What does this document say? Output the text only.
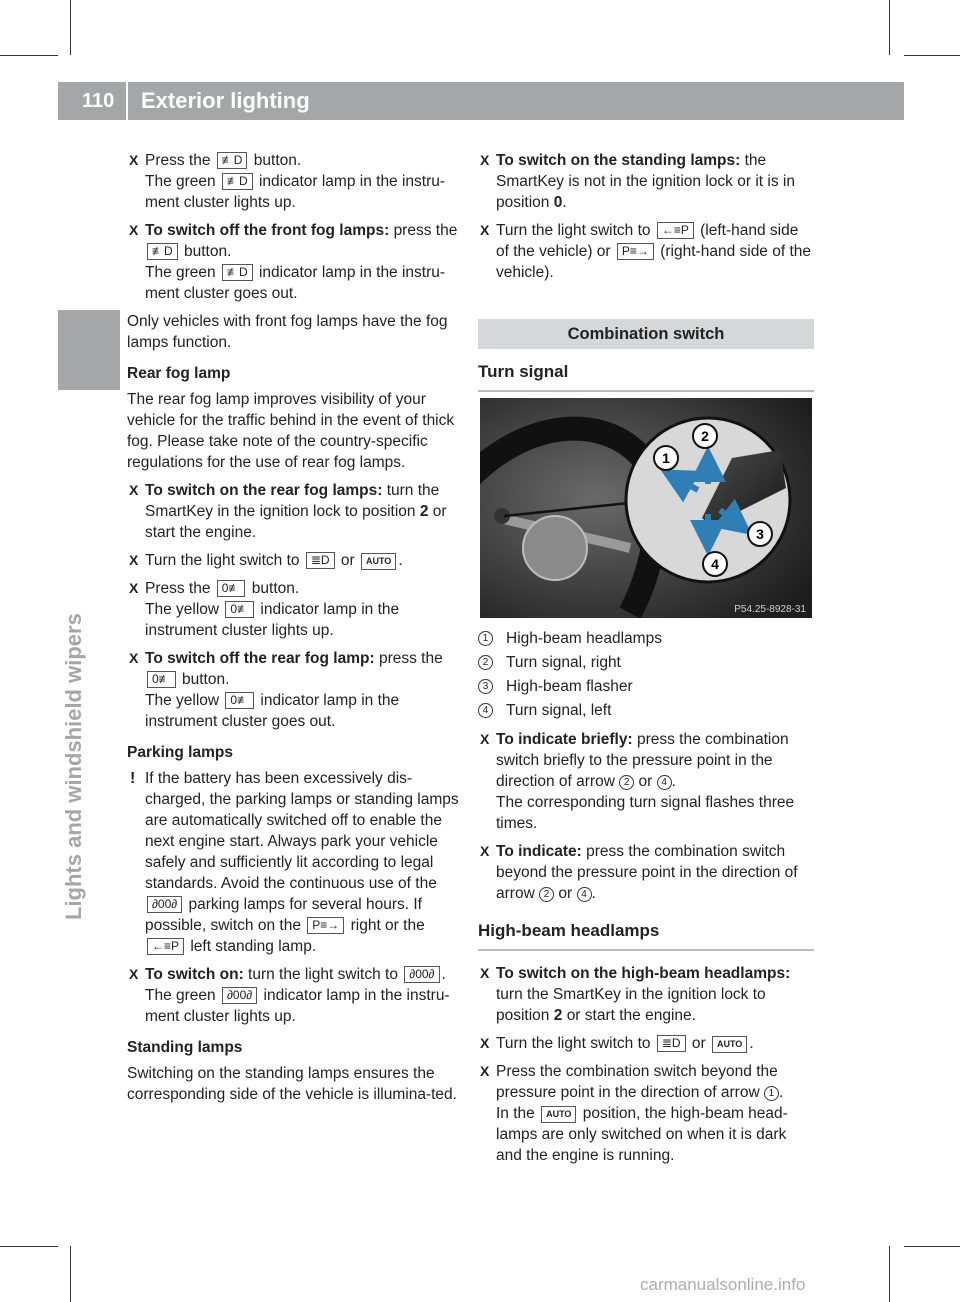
110 Exterior lighting
Lights and windshield wipers
X Press the ≢D button.
The green ≢D indicator lamp in the instru-ment cluster lights up.
X To switch off the front fog lamps: press the ≢D button.
The green ≢D indicator lamp in the instru-ment cluster goes out.

Only vehicles with front fog lamps have the fog lamps function.

Rear fog lamp

The rear fog lamp improves visibility of your vehicle for the traffic behind in the event of thick fog. Please take note of the country-specific regulations for the use of rear fog lamps.

X To switch on the rear fog lamps: turn the SmartKey in the ignition lock to position 2 or start the engine.
X Turn the light switch to ≣D or AUTO .
X Press the 0≢ button.
The yellow 0≢ indicator lamp in the instrument cluster lights up.
X To switch off the rear fog lamp: press the 0≢ button.
The yellow 0≢ indicator lamp in the instrument cluster goes out.

Parking lamps

! If the battery has been excessively dis-charged, the parking lamps or standing lamps are automatically switched off to enable the next engine start. Always park your vehicle safely and sufficiently lit according to legal standards. Avoid the continuous use of the ∂00∂ parking lamps for several hours. If possible, switch on the P≡→ right or the ←≡P left standing lamp.
X To switch on: turn the light switch to ∂00∂ .
The green ∂00∂ indicator lamp in the instru-ment cluster lights up.

Standing lamps

Switching on the standing lamps ensures the corresponding side of the vehicle is illumina-ted.

X To switch on the standing lamps: the SmartKey is not in the ignition lock or it is in position 0.
X Turn the light switch to ←≡P (left-hand side of the vehicle) or P≡→ (right-hand side of the vehicle).
Combination switch
Turn signal
1
2
3
4
P54.25-8928-31
1	High-beam headlamps
2	Turn signal, right
3	High-beam flasher
4	Turn signal, left
X To indicate briefly: press the combination switch briefly to the pressure point in the direction of arrow 2 or 4 .
The corresponding turn signal flashes three times.
X To indicate: press the combination switch beyond the pressure point in the direction of arrow 2 or 4 .
High-beam headlamps
X To switch on the high-beam headlamps: turn the SmartKey in the ignition lock to position 2 or start the engine.
X Turn the light switch to ≣D or AUTO .
X Press the combination switch beyond the pressure point in the direction of arrow 1 .
In the AUTO position, the high-beam head-lamps are only switched on when it is dark and the engine is running.
carmanualsonline.info
